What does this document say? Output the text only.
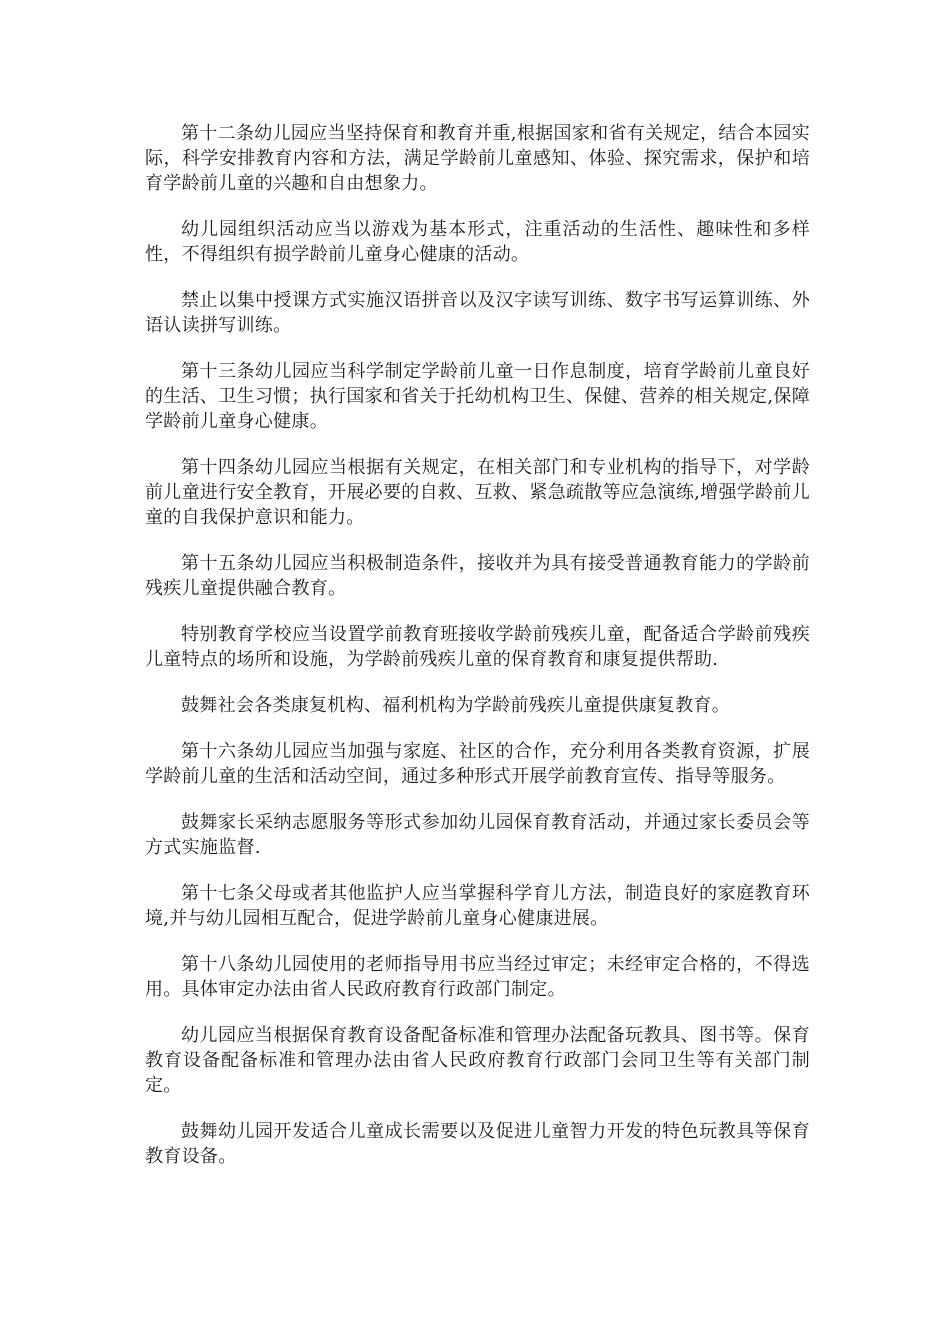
第十二条幼儿园应当坚持保育和教育并重,根据国家和省有关规定，结合本园实际，科学安排教育内容和方法，满足学龄前儿童感知、体验、探究需求，保护和培育学龄前儿童的兴趣和自由想象力。

幼儿园组织活动应当以游戏为基本形式，注重活动的生活性、趣味性和多样性，不得组织有损学龄前儿童身心健康的活动。

禁止以集中授课方式实施汉语拼音以及汉字读写训练、数字书写运算训练、外语认读拼写训练。

第十三条幼儿园应当科学制定学龄前儿童一日作息制度，培育学龄前儿童良好的生活、卫生习惯；执行国家和省关于托幼机构卫生、保健、营养的相关规定,保障学龄前儿童身心健康。

第十四条幼儿园应当根据有关规定，在相关部门和专业机构的指导下，对学龄前儿童进行安全教育，开展必要的自救、互救、紧急疏散等应急演练,增强学龄前儿童的自我保护意识和能力。

第十五条幼儿园应当积极制造条件，接收并为具有接受普通教育能力的学龄前残疾儿童提供融合教育。

特别教育学校应当设置学前教育班接收学龄前残疾儿童，配备适合学龄前残疾儿童特点的场所和设施，为学龄前残疾儿童的保育教育和康复提供帮助.

鼓舞社会各类康复机构、福利机构为学龄前残疾儿童提供康复教育。

第十六条幼儿园应当加强与家庭、社区的合作，充分利用各类教育资源，扩展学龄前儿童的生活和活动空间，通过多种形式开展学前教育宣传、指导等服务。

鼓舞家长采纳志愿服务等形式参加幼儿园保育教育活动，并通过家长委员会等方式实施监督.

第十七条父母或者其他监护人应当掌握科学育儿方法，制造良好的家庭教育环境,并与幼儿园相互配合，促进学龄前儿童身心健康进展。

第十八条幼儿园使用的老师指导用书应当经过审定；未经审定合格的，不得选用。具体审定办法由省人民政府教育行政部门制定。

幼儿园应当根据保育教育设备配备标准和管理办法配备玩教具、图书等。保育教育设备配备标准和管理办法由省人民政府教育行政部门会同卫生等有关部门制定。

鼓舞幼儿园开发适合儿童成长需要以及促进儿童智力开发的特色玩教具等保育教育设备。
